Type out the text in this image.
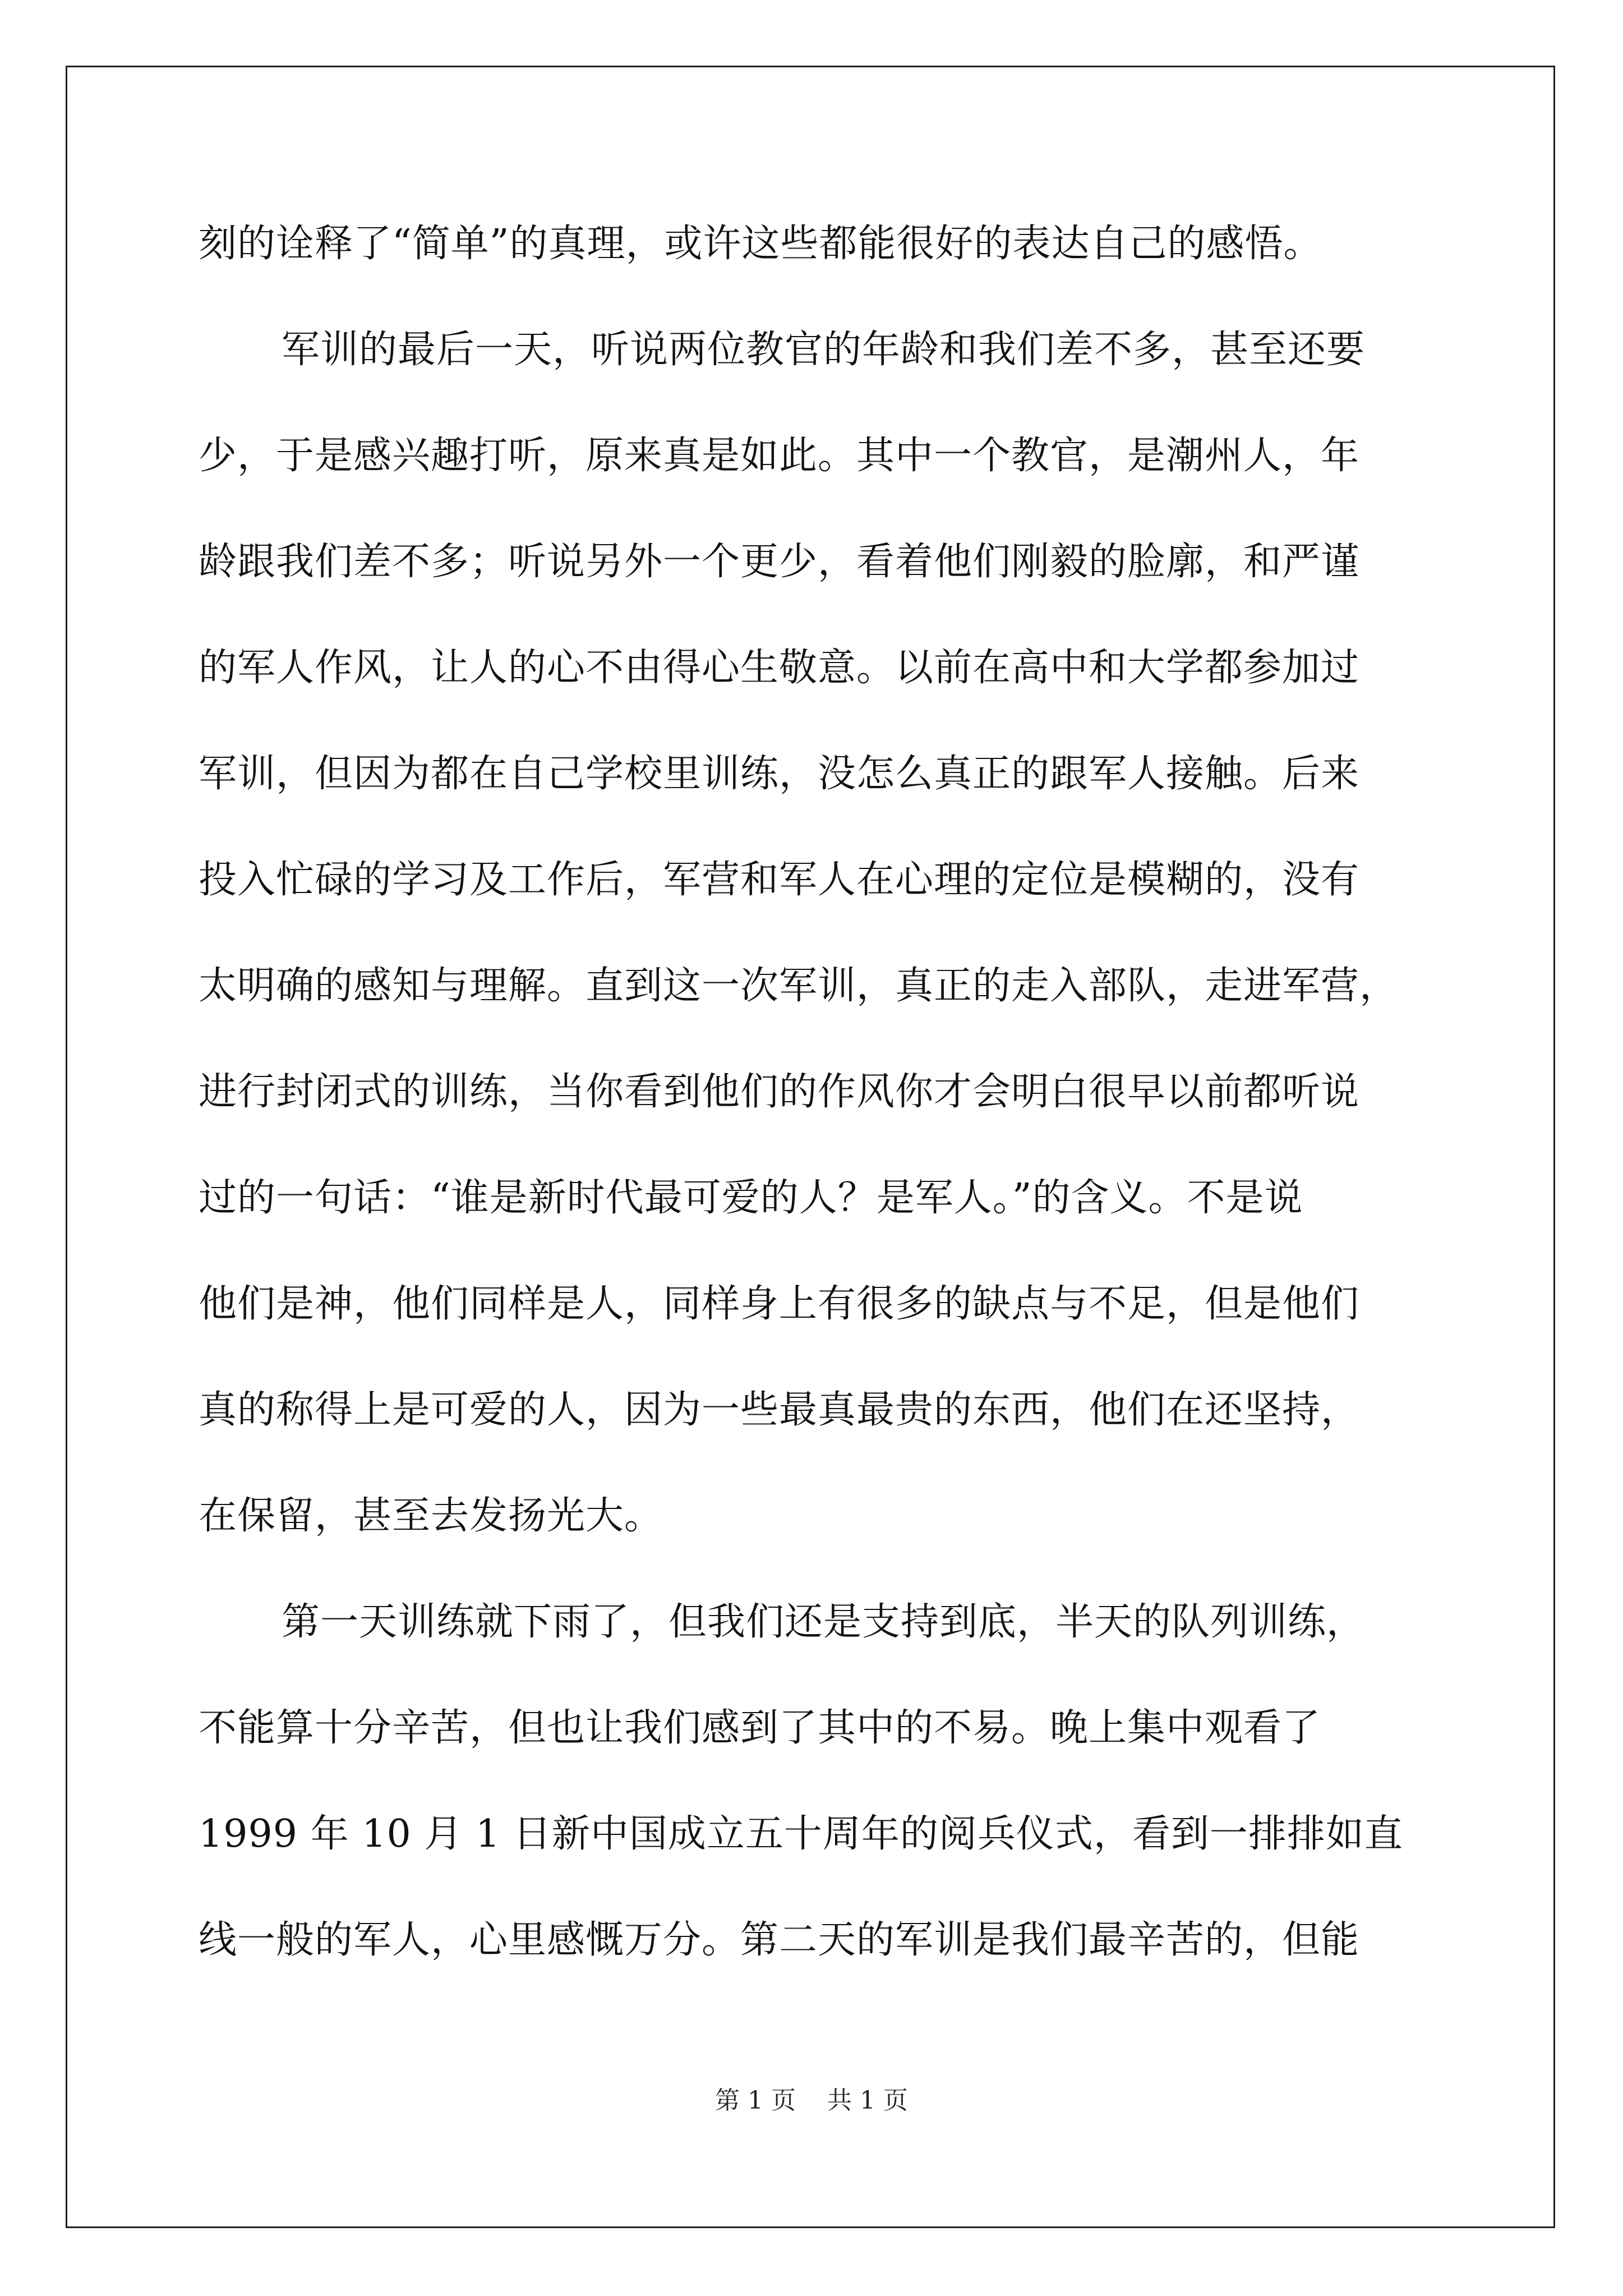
刻的诠释了“简单”的真理，或许这些都能很好的表达自己的感悟。
军训的最后一天，听说两位教官的年龄和我们差不多，甚至还要
少，于是感兴趣打听，原来真是如此。其中一个教官，是潮州人，年
龄跟我们差不多；听说另外一个更少，看着他们刚毅的脸廓，和严谨
的军人作风，让人的心不由得心生敬意。以前在高中和大学都参加过
军训，但因为都在自己学校里训练，没怎么真正的跟军人接触。后来
投入忙碌的学习及工作后，军营和军人在心理的定位是模糊的，没有
太明确的感知与理解。直到这一次军训，真正的走入部队，走进军营，
进行封闭式的训练，当你看到他们的作风你才会明白很早以前都听说
过的一句话：“谁是新时代最可爱的人？是军人。”的含义。不是说
他们是神，他们同样是人，同样身上有很多的缺点与不足，但是他们
真的称得上是可爱的人，因为一些最真最贵的东西，他们在还坚持，
在保留，甚至去发扬光大。
第一天训练就下雨了，但我们还是支持到底，半天的队列训练，
不能算十分辛苦，但也让我们感到了其中的不易。晚上集中观看了
1999 年 10 月 1 日新中国成立五十周年的阅兵仪式，看到一排排如直
线一般的军人，心里感慨万分。第二天的军训是我们最辛苦的，但能
第 1 页    共 1 页
